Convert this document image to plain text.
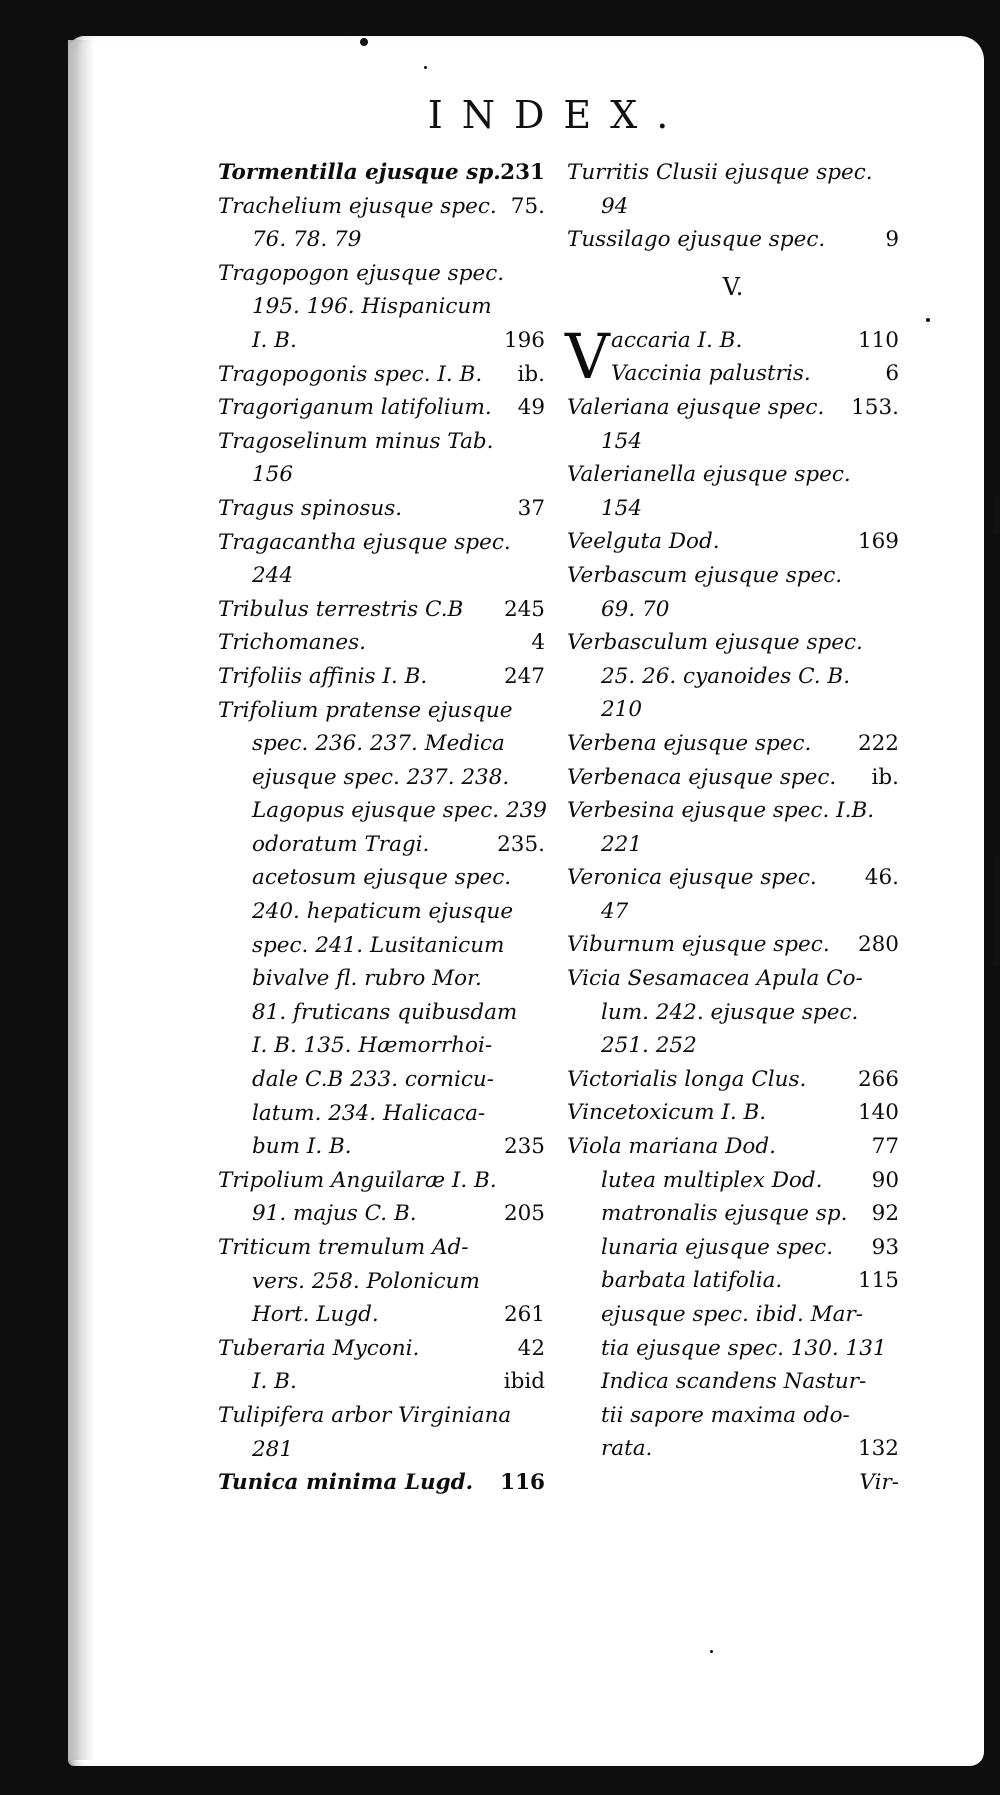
INDEX.
231
Tormentilla ejusque sp.
75.
Trachelium ejusque spec.
76. 78. 79
Tragopogon ejusque spec.
195. 196. Hispanicum
196
I. B.
ib.
Tragopogonis spec. I. B.
49
Tragoriganum latifolium.
Tragoselinum minus Tab.
156
37
Tragus spinosus.
Tragacantha ejusque spec.
244
245
Tribulus terrestris C.B
4
Trichomanes.
247
Trifoliis affinis I. B.
Trifolium pratense ejusque
spec. 236. 237. Medica
ejusque spec. 237. 238.
Lagopus ejusque spec. 239
235.
odoratum Tragi.
acetosum ejusque spec.
240. hepaticum ejusque
spec. 241. Lusitanicum
bivalve fl. rubro Mor.
81. fruticans quibusdam
I. B. 135. Hæmorrhoi-
dale C.B 233. cornicu-
latum. 234. Halicaca-
235
bum I. B.
Tripolium Anguilaræ I. B.
205
91. majus C. B.
Triticum tremulum Ad-
vers. 258. Polonicum
261
Hort. Lugd.
42
Tuberaria Myconi.
ibid
I. B.
Tulipifera arbor Virginiana
281
116
Tunica minima Lugd.
Turritis Clusii ejusque spec.
94
9
Tussilago ejusque spec.
V.
V accaria I. B.	110
Vaccinia palustris.	6
153.
Valeriana ejusque spec.
154
Valerianella ejusque spec.
154
169
Veelguta Dod.
Verbascum ejusque spec.
69. 70
Verbasculum ejusque spec.
25. 26. cyanoides C. B.
210
222
Verbena ejusque spec.
ib.
Verbenaca ejusque spec.
Verbesina ejusque spec. I.B.
221
46.
Veronica ejusque spec.
47
280
Viburnum ejusque spec.
Vicia Sesamacea Apula Co-
lum. 242. ejusque spec.
251. 252
266
Victorialis longa Clus.
140
Vincetoxicum I. B.
77
Viola mariana Dod.
90
lutea multiplex Dod.
92
matronalis ejusque sp.
93
lunaria ejusque spec.
115
barbata latifolia.
ejusque spec. ibid. Mar-
tia ejusque spec. 130. 131
Indica scandens Nastur-
tii sapore maxima odo-
132
rata.
Vir-
